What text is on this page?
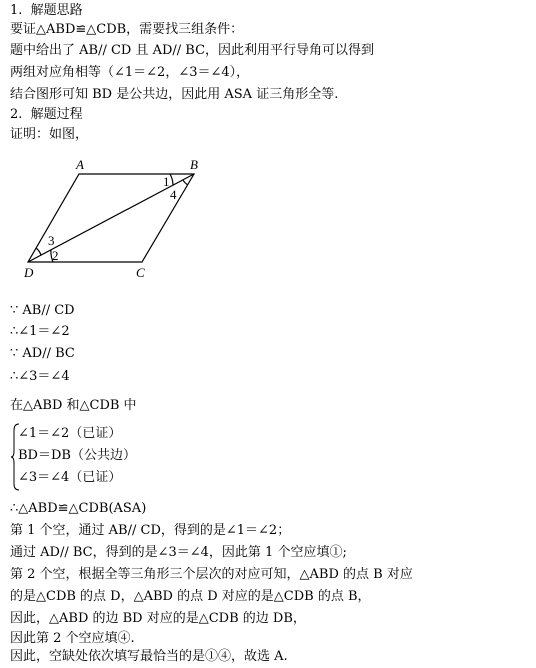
1.  解题思路
要证△ABD≌△CDB，需要找三组条件：
题中给出了 AB// CD 且 AD// BC，因此利用平行导角可以得到
两组对应角相等（∠1＝∠2，∠3＝∠4），
结合图形可知 BD 是公共边，因此用 ASA 证三角形全等.
2.  解题过程
证明：如图，
A	B
C
D
1
2
3
4
∵ AB// CD
∴∠1＝∠2
∵ AD// BC
∴∠3＝∠4
在△ABD 和△CDB 中
∠1＝∠2（已证）
BD＝DB（公共边）
∠3＝∠4（已证）
∴△ABD≌△CDB(ASA)
第 1 个空，通过 AB// CD，得到的是∠1＝∠2；
通过 AD// BC，得到的是∠3＝∠4，因此第 1 个空应填①;
第 2 个空，根据全等三角形三个层次的对应可知，△ABD 的点 B 对应
的是△CDB 的点 D，△ABD 的点 D 对应的是△CDB 的点 B，
因此，△ABD 的边 BD 对应的是△CDB 的边 DB，
因此第 2 个空应填④.
因此，空缺处依次填写最恰当的是①④，故选 A.
